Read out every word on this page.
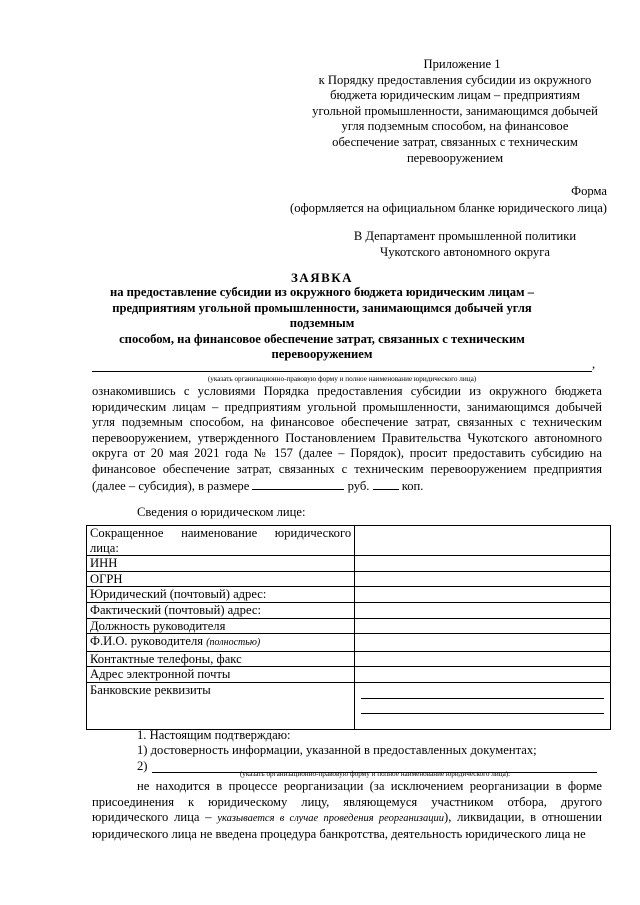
Приложение 1
к Порядку предоставления субсидии из окружного
бюджета юридическим лицам – предприятиям
угольной промышленности, занимающимся добычей
угля подземным способом, на финансовое
обеспечение затрат, связанных с техническим
перевооружением
Форма
(оформляется на официальном бланке юридического лица)
В Департамент промышленной политики
Чукотского автономного округа
ЗАЯВКА
на предоставление субсидии из окружного бюджета юридическим лицам –
предприятиям угольной промышленности, занимающимся добычей угля подземным
способом, на финансовое обеспечение затрат, связанных с техническим
перевооружением
,
(указать организационно-правовую форму и полное наименование юридического лица)
ознакомившись с условиями Порядка предоставления субсидии из окружного бюджета юридическим лицам – предприятиям угольной промышленности, занимающимся добычей угля подземным способом, на финансовое обеспечение затрат, связанных с техническим перевооружением, утвержденного Постановлением Правительства Чукотского автономного округа от 20 мая 2021 года № 157 (далее – Порядок), просит предоставить субсидию на финансовое обеспечение затрат, связанных с техническим перевооружением предприятия (далее – субсидия), в размере	руб.	коп.
Сведения о юридическом лице:
Сокращенное наименование юридического лица:	

ИНН	
ОГРН	
Юридический (почтовый) адрес:	
Фактический (почтовый) адрес:	
Должность руководителя	
Ф.И.О. руководителя (полностью)	
Контактные телефоны, факс	
Адрес электронной почты	
Банковские реквизиты	
1. Настоящим подтверждаю:
1) достоверность информации, указанной в предоставленных документах;
2)
(указать организационно-правовую форму и полное наименование юридического лица):
не находится в процессе реорганизации (за исключением реорганизации в форме присоединения к юридическому лицу, являющемуся участником отбора, другого юридического лица – указывается в случае проведения реорганизации), ликвидации, в отношении юридического лица не введена процедура банкротства, деятельность юридического лица не
